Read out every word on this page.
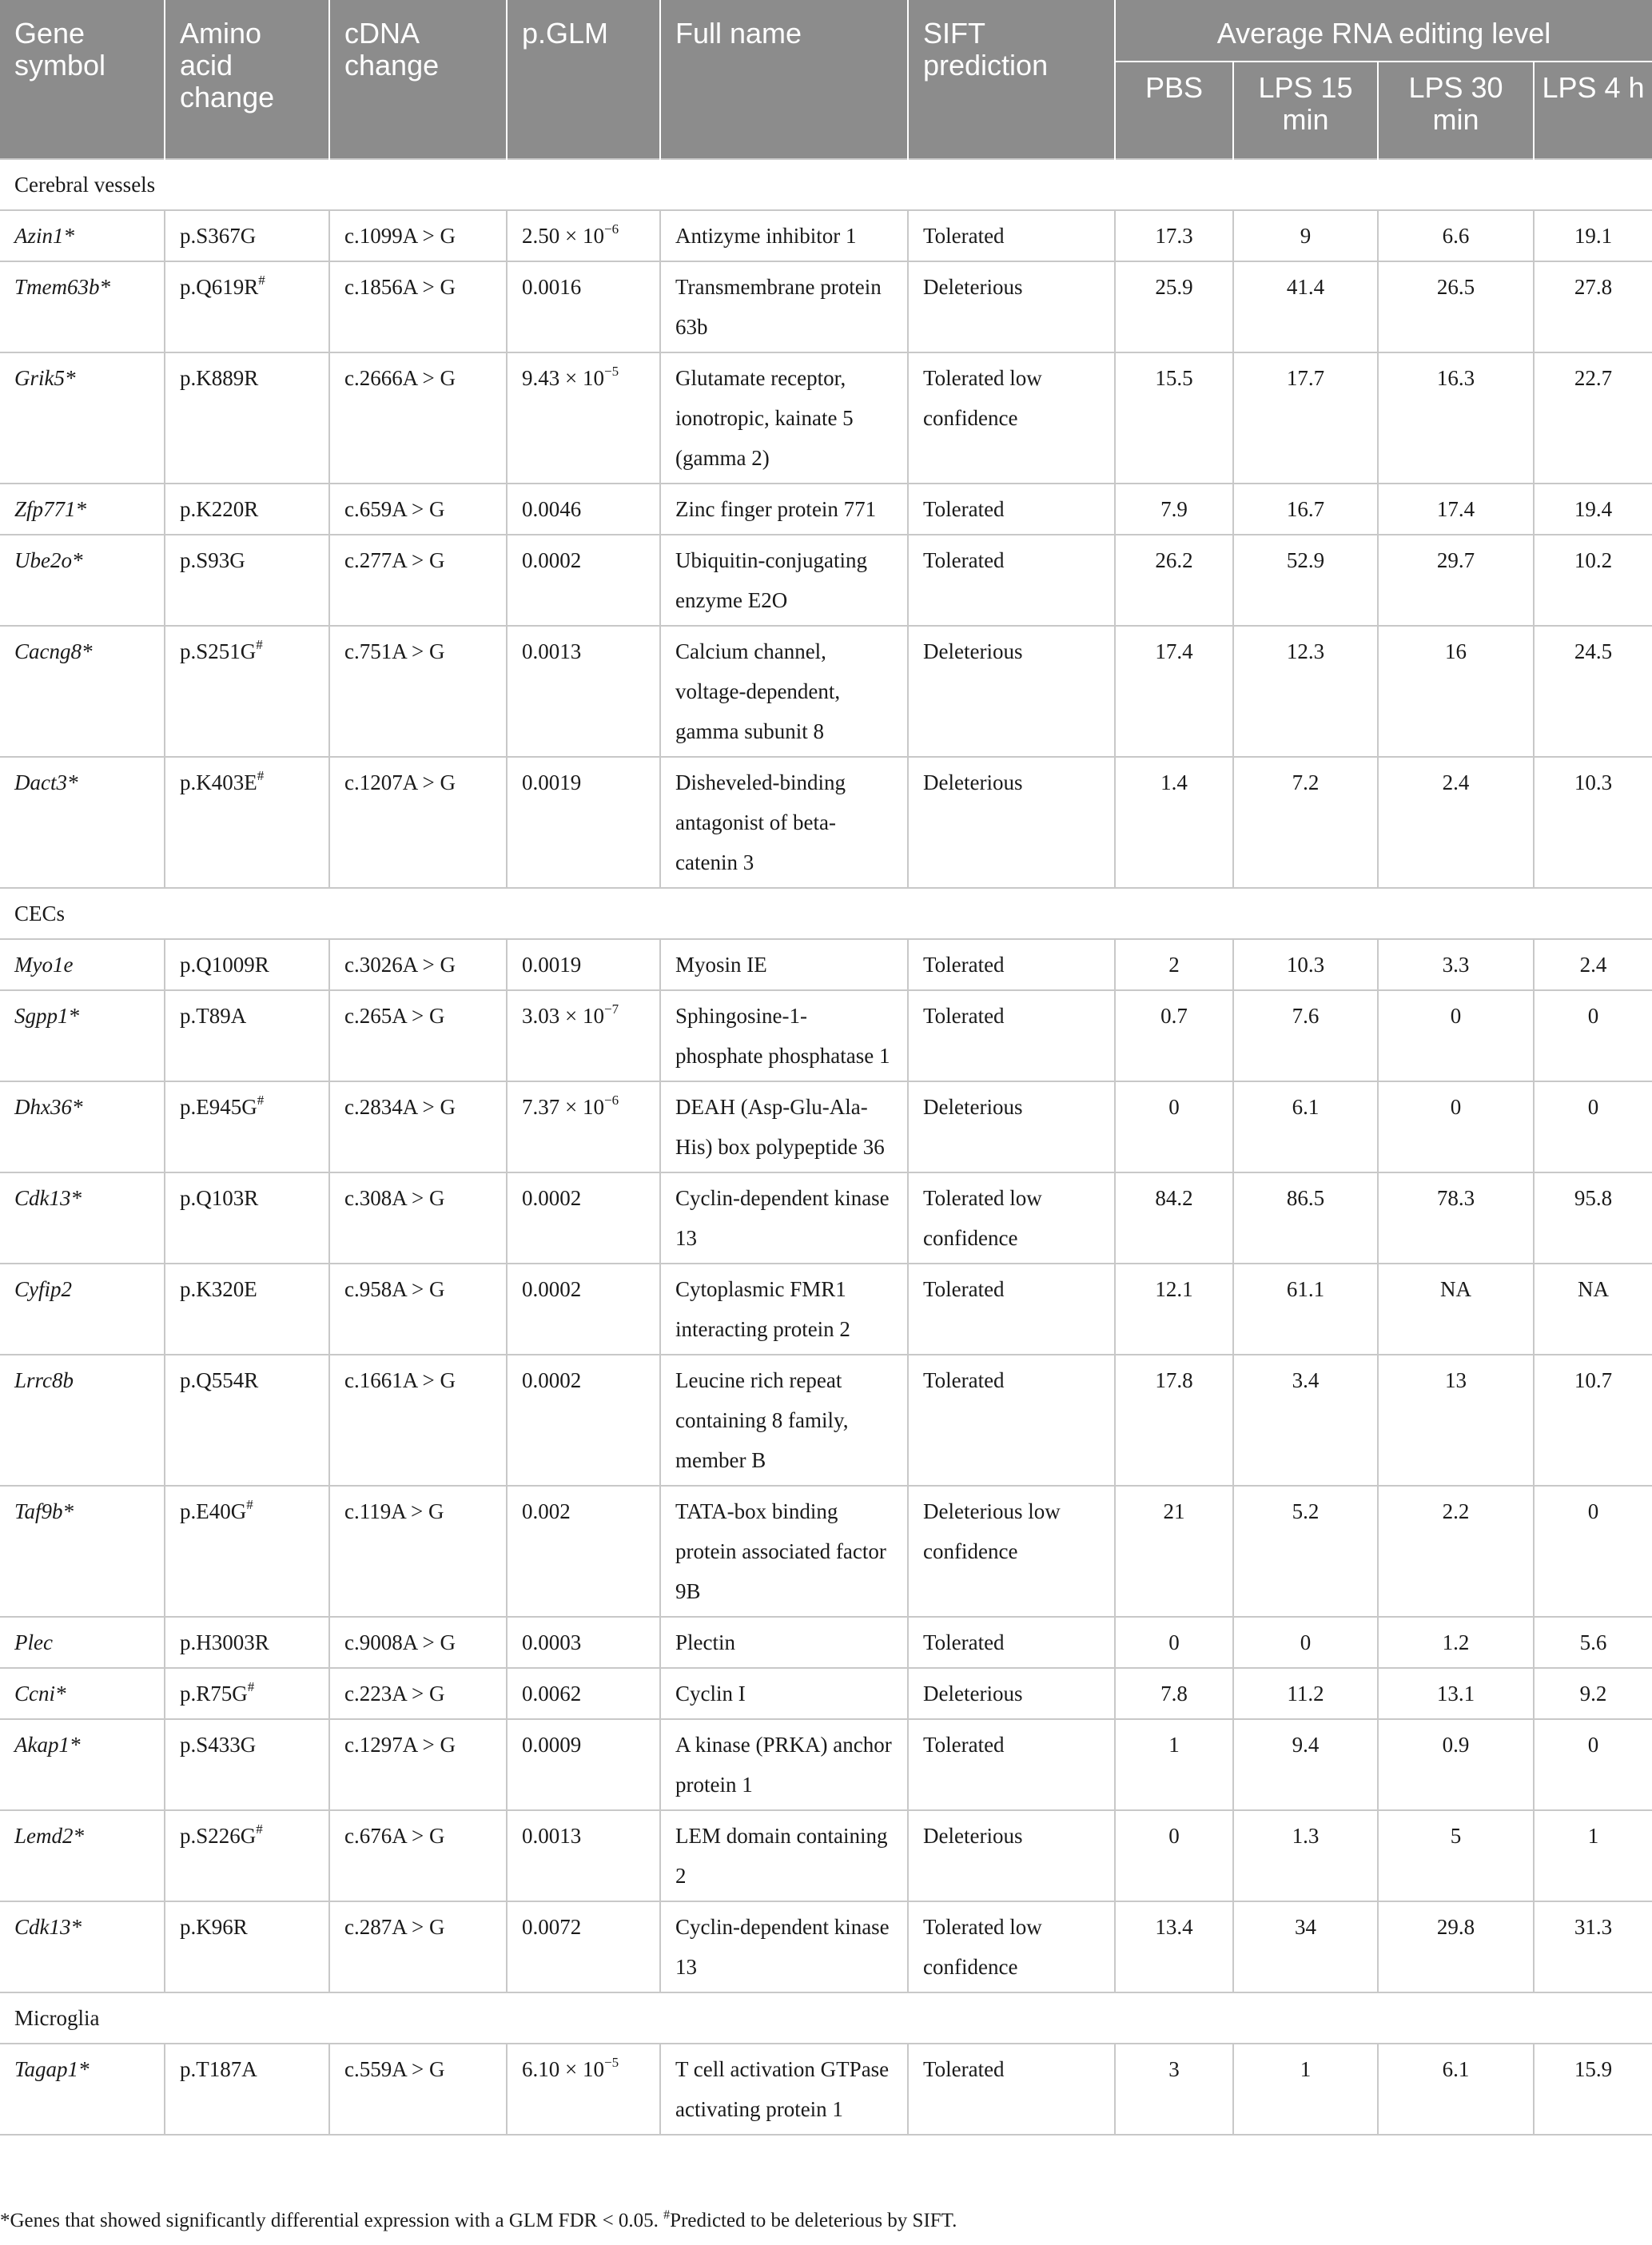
Gene symbol	Amino acid change	cDNA change	p.GLM	Full name	SIFT prediction	Average RNA editing level			
						PBS	LPS 15 min	LPS 30 min	LPS 4 h
Cerebral vessels									
Azin1*	p.S367G	c.1099A > G	$2.50 \times 10^{-6}$	Antizyme inhibitor 1	Tolerated	17.3	9	6.6	19.1
Tmem63b*	p.Q619R#	c.1856A > G	0.0016	Transmembrane protein 63b	Deleterious	25.9	41.4	26.5	27.8
Grik5*	p.K889R	c.2666A > G	$9.43 \times 10^{-5}$	Glutamate receptor, ionotropic, kainate 5 (gamma 2)	Tolerated low confidence	15.5	17.7	16.3	22.7
Zfp771*	p.K220R	c.659A > G	0.0046	Zinc finger protein 771	Tolerated	7.9	16.7	17.4	19.4
Ube2o*	p.S93G	c.277A > G	0.0002	Ubiquitin-conjugating enzyme E2O	Tolerated	26.2	52.9	29.7	10.2
Cacng8*	p.S251G#	c.751A > G	0.0013	Calcium channel, voltage-dependent, gamma subunit 8	Deleterious	17.4	12.3	16	24.5
Dact3*	p.K403E#	c.1207A > G	0.0019	Disheveled-binding antagonist of beta-catenin 3	Deleterious	1.4	7.2	2.4	10.3
CECs									
Myo1e	p.Q1009R	c.3026A > G	0.0019	Myosin IE	Tolerated	2	10.3	3.3	2.4
Sgpp1*	p.T89A	c.265A > G	$3.03 \times 10^{-7}$	Sphingosine-1-phosphate phosphatase 1	Tolerated	0.7	7.6	0	0
Dhx36*	p.E945G#	c.2834A > G	$7.37 \times 10^{-6}$	DEAH (Asp-Glu-Ala-His) box polypeptide 36	Deleterious	0	6.1	0	0
Cdk13*	p.Q103R	c.308A > G	0.0002	Cyclin-dependent kinase 13	Tolerated low confidence	84.2	86.5	78.3	95.8
Cyfip2	p.K320E	c.958A > G	0.0002	Cytoplasmic FMR1 interacting protein 2	Tolerated	12.1	61.1	NA	NA
Lrrc8b	p.Q554R	c.1661A > G	0.0002	Leucine rich repeat containing 8 family, member B	Tolerated	17.8	3.4	13	10.7
Taf9b*	p.E40G#	c.119A > G	0.002	TATA-box binding protein associated factor 9B	Deleterious low confidence	21	5.2	2.2	0
Plec	p.H3003R	c.9008A > G	0.0003	Plectin	Tolerated	0	0	1.2	5.6
Ccni*	p.R75G#	c.223A > G	0.0062	Cyclin I	Deleterious	7.8	11.2	13.1	9.2
Akap1*	p.S433G	c.1297A > G	0.0009	A kinase (PRKA) anchor protein 1	Tolerated	1	9.4	0.9	0
Lemd2*	p.S226G#	c.676A > G	0.0013	LEM domain containing 2	Deleterious	0	1.3	5	1
Cdk13*	p.K96R	c.287A > G	0.0072	Cyclin-dependent kinase 13	Tolerated low confidence	13.4	34	29.8	31.3
Microglia									
Tagap1*	p.T187A	c.559A > G	$6.10 \times 10^{-5}$	T cell activation GTPase activating protein 1	Tolerated	3	1	6.1	15.9
*Genes that showed significantly differential expression with a GLM FDR < 0.05. #Predicted to be deleterious by SIFT.
